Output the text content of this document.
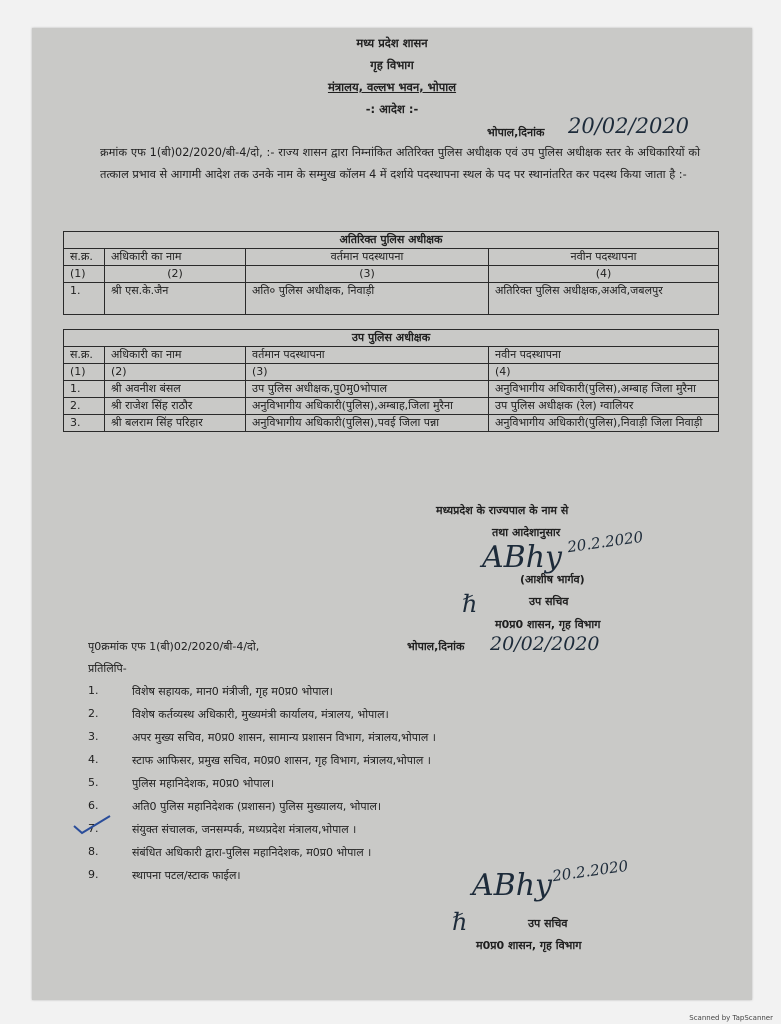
मध्य प्रदेश शासन
गृह विभाग
मंत्रालय, वल्लभ भवन, भोपाल
-: आदेश :-
भोपाल,दिनांक 20/02/2020
क्रमांक एफ 1(बी)02/2020/बी-4/दो, :- राज्य शासन द्वारा निम्नांकित अतिरिक्त पुलिस अधीक्षक एवं उप पुलिस अधीक्षक स्तर के अधिकारियों को तत्काल प्रभाव से आगामी आदेश तक उनके नाम के सम्मुख कॉलम 4 में दर्शाये पदस्थापना स्थल के पद पर स्थानांतरित कर पदस्थ किया जाता है :-
अतिरिक्त पुलिस अधीक्षक			
स.क्र.	अधिकारी का नाम	वर्तमान पदस्थापना	नवीन पदस्थापना
(1)	(2)	(3)	(4)
1.	श्री एस.के.जैन	अति० पुलिस अधीक्षक, निवाड़ी	अतिरिक्त पुलिस अधीक्षक,अअवि,जबलपुर
उप पुलिस अधीक्षक			
स.क्र.	अधिकारी का नाम	वर्तमान पदस्थापना	नवीन पदस्थापना
(1)	(2)	(3)	(4)
1.	श्री अवनीश बंसल	उप पुलिस अधीक्षक,पु0मु0भोपाल	अनुविभागीय अधिकारी(पुलिस),अम्बाह जिला मुरैना
2.	श्री राजेश सिंह राठौर	अनुविभागीय अधिकारी(पुलिस),अम्बाह,जिला मुरैना	उप पुलिस अधीक्षक (रेल) ग्वालियर
3.	श्री बलराम सिंह परिहार	अनुविभागीय अधिकारी(पुलिस),पवई जिला पन्ना	अनुविभागीय अधिकारी(पुलिस),निवाड़ी जिला निवाड़ी
मध्यप्रदेश के राज्यपाल के नाम से
तथा आदेशानुसार
ABhy 20.2.2020
(आशीष भार्गव)
ℏ	उप सचिव
म0प्र0 शासन, गृह विभाग
पृ0क्रमांक एफ 1(बी)02/2020/बी-4/दो,	भोपाल,दिनांक 20/02/2020
प्रतिलिपि-
1.	विशेष सहायक, मान0 मंत्रीजी, गृह म0प्र0 भोपाल।
2.	विशेष कर्तव्यस्थ अधिकारी, मुख्यमंत्री कार्यालय, मंत्रालय, भोपाल।
3.	अपर मुख्य सचिव, म0प्र0 शासन, सामान्य प्रशासन विभाग, मंत्रालय,भोपाल ।
4.	स्टाफ आफिसर, प्रमुख सचिव, म0प्र0 शासन, गृह विभाग, मंत्रालय,भोपाल ।
5.	पुलिस महानिदेशक, म0प्र0 भोपाल।
6.	अति0 पुलिस महानिदेशक (प्रशासन) पुलिस मुख्यालय, भोपाल।
7.	संयुक्त संचालक, जनसम्पर्क, मध्यप्रदेश मंत्रालय,भोपाल ।
8.	संबंधित अधिकारी द्वारा-पुलिस महानिदेशक, म0प्र0 भोपाल ।
9.	स्थापना पटल/स्टाक फाईल।	ABhy 20.2.2020
ℏ	उप सचिव
म0प्र0 शासन, गृह विभाग
Scanned by TapScanner
